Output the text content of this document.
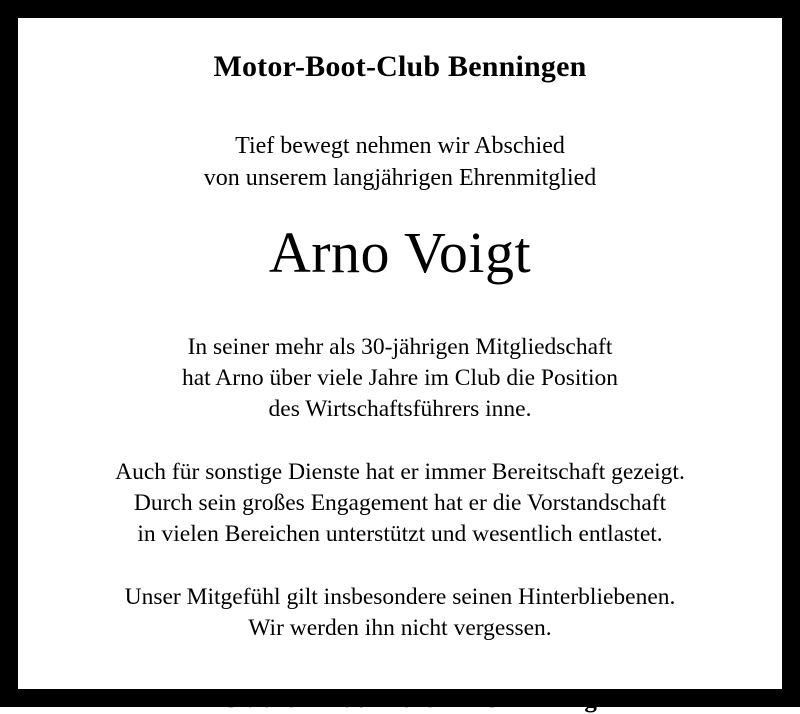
Motor-Boot-Club Benningen
Tief bewegt nehmen wir Abschied
von unserem langjährigen Ehrenmitglied
Arno Voigt
In seiner mehr als 30-jährigen Mitgliedschaft
hat Arno über viele Jahre im Club die Position
des Wirtschaftsführers inne.
Auch für sonstige Dienste hat er immer Bereitschaft gezeigt.
Durch sein großes Engagement hat er die Vorstandschaft
in vielen Bereichen unterstützt und wesentlich entlastet.
Unser Mitgefühl gilt insbesondere seinen Hinterbliebenen.
Wir werden ihn nicht vergessen.
Die Clubkameraden des MBC-Benningen
